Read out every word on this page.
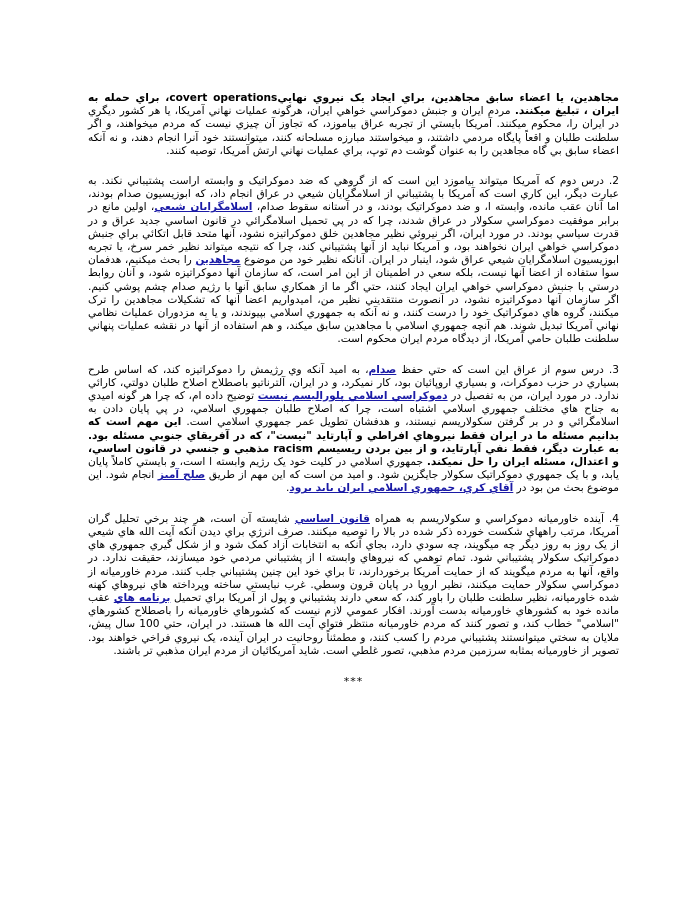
مجاهدين، يا اعضاء سابق مجاهدين، براي ايجاد يک نيروي نهاييcovert operations، براي حمله به ايران ، تبليغ ميکنند. مردم ايران و جنبش دموکراسي خواهي ايران، هرگونه عمليات نهاني آمريکا، يا هر کشور ديگري در ايران را، محکوم ميکنند. آمريکا بايستي از تجربه عراق بياموزد، که تجاوز آن چيزي نيست که مردم ميخواهند، و اگر سلطنت طلبان و اقعاً پايگاه مردمي داشتند، و ميخواستند مبارزه مسلحانه کنند، ميتوانستند خود آنرا انجام دهند، و نه آنکه اعضاء سابق بي گاه مجاهدين را به عنوان گوشت دم توپ، براي عمليات نهاني ارتش آمريکا، توصيه کنند.

2. درس دوم که آمريکا ميتواند بياموزد اين است که از گروهي که ضد دموکراتيک و وابسته اراست پشتيباني نکند. به عبارت ديگر، اين کاري است که آمريکا با پشتيباني از اسلامگرايان شيعي در عراق انجام داد، که ابوزيسيون صدام بودند، اما آنان عقب مانده، وابسته ا، و ضد دموکراتيک بودند، و در آستانه سقوط صدام، اسلامگرايان شيعي، اولين مانع در برابر موفقيت دموکراسي سکولار در عراق شدند، چرا که در پي تحميل اسلامگرائي در قانون اساسي جديد عراق و در قدرت سياسي بودند. در مورد ايران، اگر نيروئي نظير مجاهدين خلق دموکراتيزه نشود، آنها متحد قابل اتکائي براي جنبش دموکراسي خواهي ايران نخواهند بود، و آمريکا نبايد از آنها پشتيباني کند، چرا که نتيجه ميتواند نظير خمر سرخ، يا تجربه ابوزيسيون اسلامگرايان شيعي عراق شود، اينبار در ايران. آنانکه نظير خود من موضوع مجاهدين را بحث ميکنيم، هدفمان سوا ستفاده از اعضا آنها نيست، بلکه سعي در اطمينان از اين امر است، که سازمان آنها دموکراتيزه شود، و آنان روابط درستي با جنبش دموکراسي خواهي ايران ايجاد کنند، حتي اگر ما از همکاري سابق آنها با رژيم صدام چشم پوشي کنيم. اگر سازمان آنها دموکراتيزه نشود، در آنصورت منتقديني نظير من، اميدواريم اعضا آنها که تشکيلات مجاهدين را ترک ميکنند، گروه هاي دموکراتيک خود را درست کنند، و نه آنکه به جمهوري اسلامي بپيوندند، و يا به مزدوران عمليات نظامي نهاني آمريکا تبديل شوند. هم آنچه جمهوري اسلامي با مجاهدين سابق ميکند، و هم استفاده از آنها در نقشه عمليات پنهاني سلطنت طلبان حامي آمريکا، از ديدگاه مردم ايران محکوم است.

3. درس سوم از عراق اين است که حتي حفظ صدام، به اميد آنکه وي رژيمش را دموکراتيزه کند، که اساس طرح بسياري در حزب دموکرات، و بسياري اروپائيان بود، کار نميکرد، و در ايران، آلترناتيو باصطلاح اصلاح طلبان دولتي، کارائي ندارد. در مورد ايران، من به تفصيل در دموکراسي اسلامي پلوراليسم نيست توضيح داده ام، که چرا هر گونه اميدي به جناح هاي مختلف جمهوري اسلامي اشتباه است، چرا که اصلاح طلبان جمهوري اسلامي، در پي پايان دادن به اسلامگرائي و در بر گرفتن سکولاريسم نيستند، و هدفشان تطويل عمر جمهوري اسلامي است. اين مهم است که بدانيم مسئله ما در ايران فقط نيروهاي افراطي و آپارتايد "نيست"، که در آفريقاي جنوبي مسئله بود. به عبارت ديگر، فقط نفي آپارتايد، و از بين بردن ريسيسم racism مذهبي و جنسي در قانون اساسي، و اعتدال، مسئله ايران را حل نميکند. جمهوري اسلامي در کليت خود يک رژيم وابسته ا است، و بايستي کاملاً پايان يابد، و با يک جمهوري دموکراتيک سکولار جايگزين شود. و اميد من است که اين مهم از طريق صلح آميز انجام شود. اين موضوع بحث من بود در آقاي کري، جمهوري اسلامي ايران بايد برود.

4. آينده خاورميانه دموکراسي و سکولاريسم به همراه قانون اساسي شايسته آن است، هر چند برخي تحليل گران آمريکا، مرتب راههاي شکست خورده ذکر شده در بالا را توصيه ميکنند. صرف انرژي براي ديدن آنکه آيت الله هاي شيعي از يک روز به روز ديگر چه ميگويند، چه سودي دارد، بجاي آنکه به انتخابات آزاد کمک شود و از شکل گيري جمهوري هاي دموکراتيک سکولار پشتيباني شود. تمام توهمي که نيروهاي وابسته ا از پشتيباني مردمي خود ميسازند، حقيقت ندارد. در واقع، آنها به مردم ميگويند که از حمايت آمريکا برخوردارند، تا براي خود اين چنين پشتيباني جلب کنند. مردم خاورميانه از دموکراسي سکولار حمايت ميکنند، نظير اروپا در پايان قرون وسطي. غرب نبايستي ساخته وپرداخته هاي نيروهاي کهنه شده خاورميانه، نظير سلطنت طلبان را باور کند، که سعي دارند پشتيباني و پول از آمريکا براي تحميل برنامه هاي عقب مانده خود به کشورهاي خاورميانه بدست آورند. افکار عمومي لازم نيست که کشورهاي خاورميانه را باصطلاح کشورهاي "اسلامي" خطاب کند، و تصور کنند که مردم خاورميانه منتظر فتواي آيت الله ها هستند. در ايران، حتي 100 سال پيش، ملايان به سختي ميتوانستند پشتيباني مردم را کسب کنند، و مطمئناً روحانيت در ايران آينده، يک نيروي فراخي خواهند بود. تصوير از خاورميانه بمثابه سرزمين مردم مذهبي، تصور غلطي است. شايد آمريکائيان از مردم ايران مذهبي تر باشند.

***
